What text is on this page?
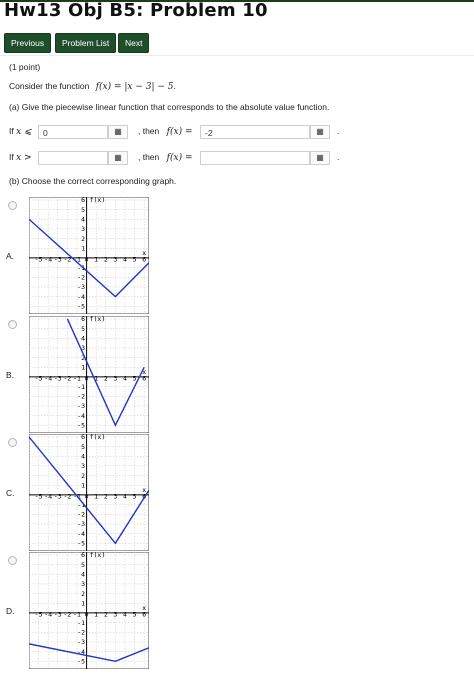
Hw13 Obj B5: Problem 10
Previous	Problem List	Next
(1 point)
Consider the function f(x) = |x − 3| − 5.
(a) Give the piecewise linear function that corresponds to the absolute value function.
If x ⩽	0	▦	, then f(x) =	-2	▦	.
If x >	▦	, then f(x) =	▦	.
(b) Choose the correct corresponding graph.
A.	-5 -4 -3 -2 -1 0 1 2 3 4 5 6
6
5
4
3
2
1
-1
-2
-3
-4
-5
f(x)
x
B.	-5 -4 -3 -2 -1 0 1 2 3 4 5 6
6
5
4
3
2
1
-1
-2
-3
-4
-5
f(x)
x
C.	-5 -4 -3 -2 -1 0 1 2 3 4 5 6
6
5
4
3
2
1
-1
-2
-3
-4
-5
f(x)
x
D.	-5 -4 -3 -2 -1 0 1 2 3 4 5 6
6
5
4
3
2
1
-1
-2
-3
-4
-5
f(x)
x
